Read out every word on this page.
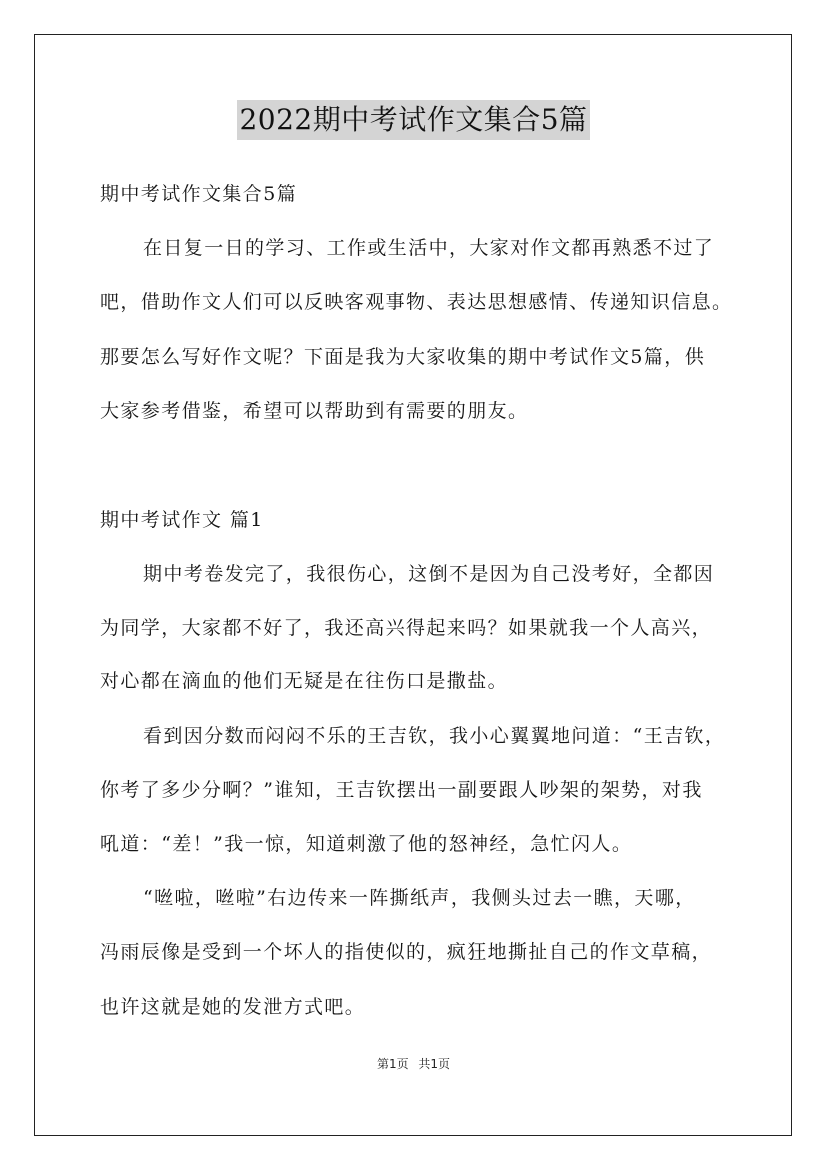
2022期中考试作文集合5篇
期中考试作文集合5篇
在日复一日的学习、工作或生活中，大家对作文都再熟悉不过了
吧，借助作文人们可以反映客观事物、表达思想感情、传递知识信息。
那要怎么写好作文呢？下面是我为大家收集的期中考试作文5篇，供
大家参考借鉴，希望可以帮助到有需要的朋友。
期中考试作文 篇1
期中考卷发完了，我很伤心，这倒不是因为自己没考好，全都因
为同学，大家都不好了，我还高兴得起来吗？如果就我一个人高兴，
对心都在滴血的他们无疑是在往伤口是撒盐。
看到因分数而闷闷不乐的王吉钦，我小心翼翼地问道：“王吉钦，
你考了多少分啊？”谁知，王吉钦摆出一副要跟人吵架的架势，对我
吼道：“差！”我一惊，知道刺激了他的怒神经，急忙闪人。
“咝啦，咝啦”右边传来一阵撕纸声，我侧头过去一瞧，天哪，
冯雨辰像是受到一个坏人的指使似的，疯狂地撕扯自己的作文草稿，
也许这就是她的发泄方式吧。
第1页 共1页
